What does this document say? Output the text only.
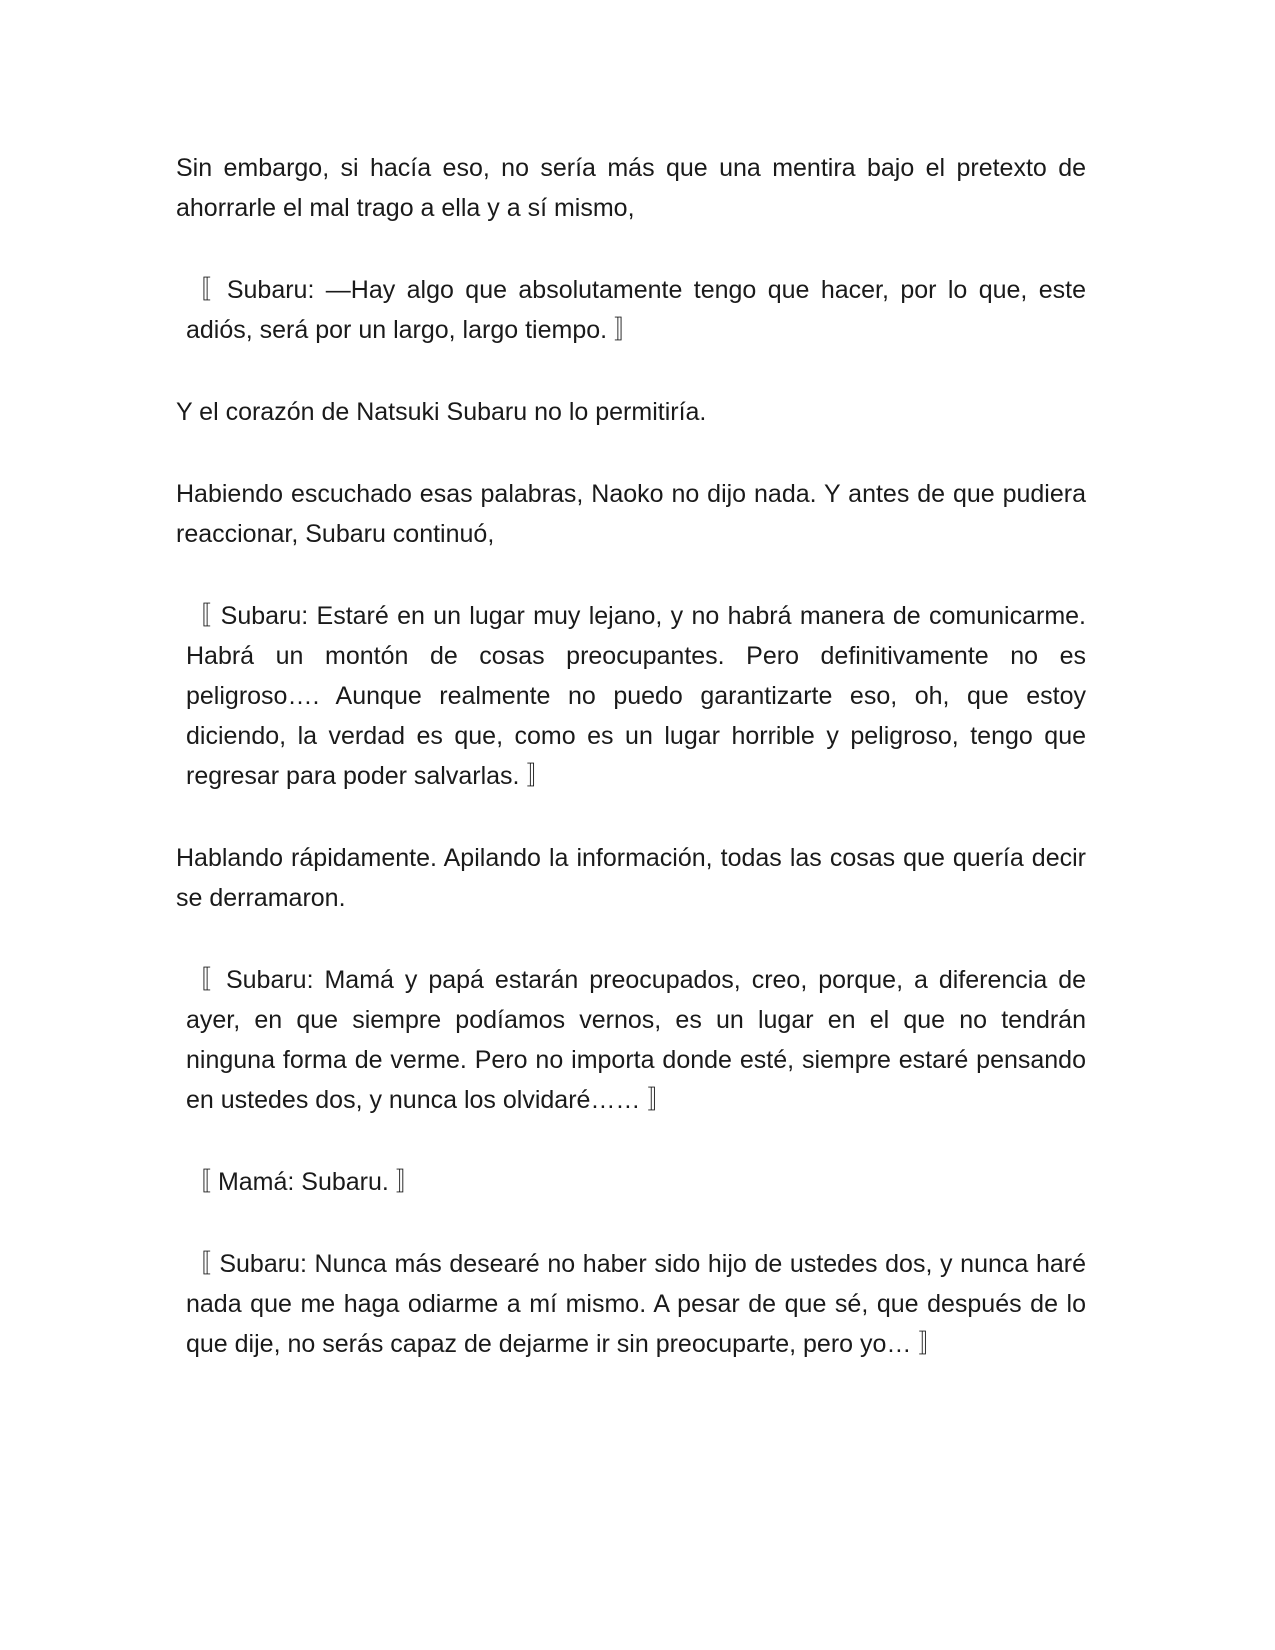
Sin embargo, si hacía eso, no sería más que una mentira bajo el pretexto de ahorrarle el mal trago a ella y a sí mismo,

〚 Subaru: —Hay algo que absolutamente tengo que hacer, por lo que, este adiós, será por un largo, largo tiempo. 〛

Y el corazón de Natsuki Subaru no lo permitiría.

Habiendo escuchado esas palabras, Naoko no dijo nada. Y antes de que pudiera reaccionar, Subaru continuó,

〚 Subaru: Estaré en un lugar muy lejano, y no habrá manera de comunicarme. Habrá un montón de cosas preocupantes. Pero definitivamente no es peligroso…. Aunque realmente no puedo garantizarte eso, oh, que estoy diciendo, la verdad es que, como es un lugar horrible y peligroso, tengo que regresar para poder salvarlas. 〛

Hablando rápidamente. Apilando la información, todas las cosas que quería decir se derramaron.

〚 Subaru: Mamá y papá estarán preocupados, creo, porque, a diferencia de ayer, en que siempre podíamos vernos, es un lugar en el que no tendrán ninguna forma de verme. Pero no importa donde esté, siempre estaré pensando en ustedes dos, y nunca los olvidaré…… 〛

〚 Mamá: Subaru. 〛

〚 Subaru: Nunca más desearé no haber sido hijo de ustedes dos, y nunca haré nada que me haga odiarme a mí mismo. A pesar de que sé, que después de lo que dije, no serás capaz de dejarme ir sin preocuparte, pero yo… 〛
